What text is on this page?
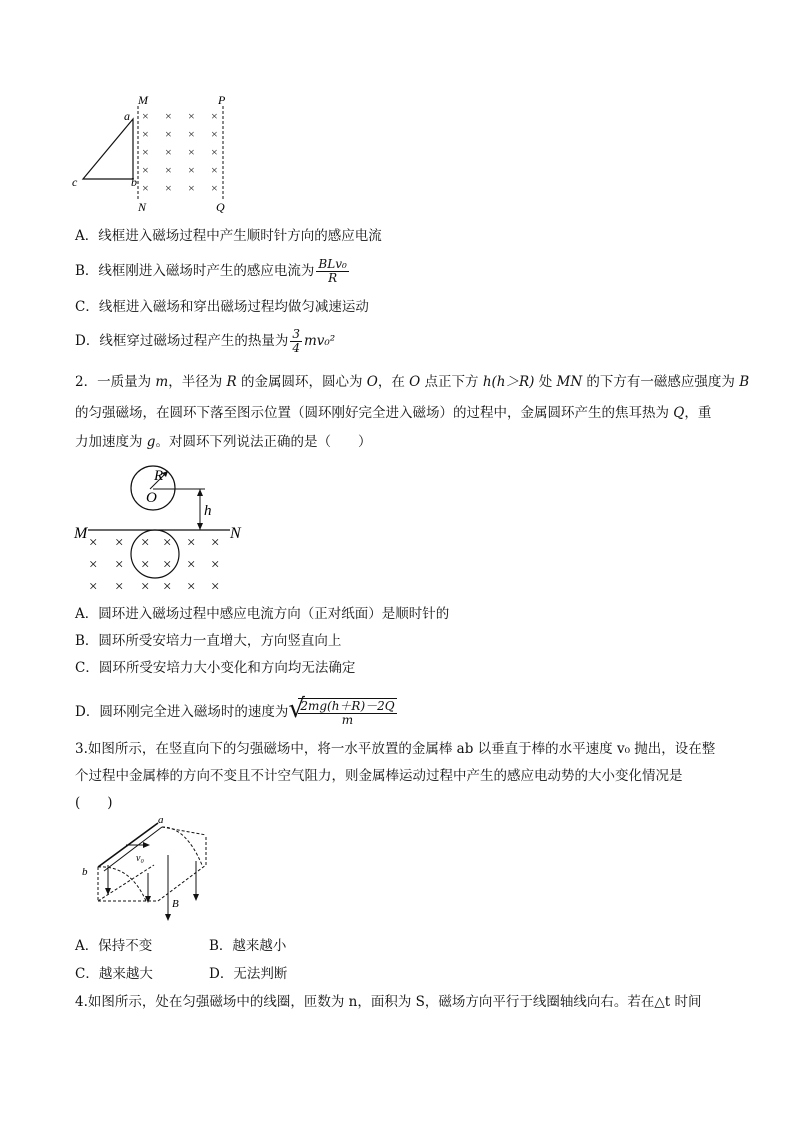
M	P
N	Q
a
b
c
× × × ×
× × × ×
× × × ×
× × × ×
× × × ×
A．线框进入磁场过程中产生顺时针方向的感应电流
B．线框刚进入磁场时产生的感应电流为 $\frac{\text{BLv₀}}{R}$
C．线框进入磁场和穿出磁场过程均做匀减速运动
D．线框穿过磁场过程产生的热量为 $\frac{3}{4} mv_0^2$
2．一质量为 m，半径为 R 的金属圆环，圆心为 O，在 O 点正下方 h(h＞R) 处 MN 的下方有一磁感应强度为 B
的匀强磁场，在圆环下落至图示位置（圆环刚好完全进入磁场）的过程中，金属圆环产生的焦耳热为 Q，重
力加速度为 g。对圆环下列说法正确的是（　　）
R
O
h
M	N
× × × × × ×
× × × × × ×
× × × × × ×
A．圆环进入磁场过程中感应电流方向（正对纸面）是顺时针的
B．圆环所受安培力一直增大，方向竖直向上
C．圆环所受安培力大小变化和方向均无法确定
D．圆环刚完全进入磁场时的速度为 √
$\frac{2mg(h+R)-2Q}{m}$
3.如图所示，在竖直向下的匀强磁场中，将一水平放置的金属棒 ab 以垂直于棒的水平速度 v₀ 抛出，设在整
个过程中金属棒的方向不变且不计空气阻力，则金属棒运动过程中产生的感应电动势的大小变化情况是
(　　)
v₀
a
b
B
A．保持不变	B．越来越小
C．越来越大	D．无法判断
4.如图所示，处在匀强磁场中的线圈，匝数为 n，面积为 S，磁场方向平行于线圈轴线向右。若在△t 时间
